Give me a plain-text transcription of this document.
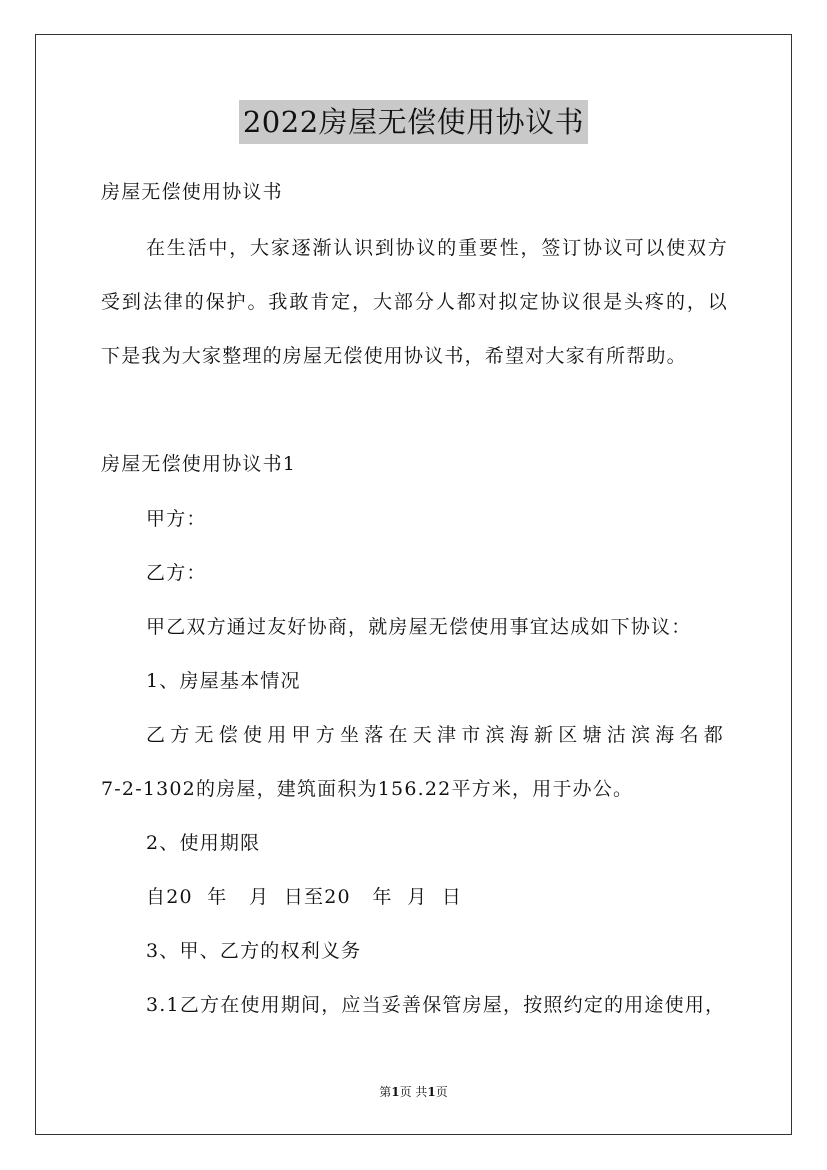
2022房屋无偿使用协议书
房屋无偿使用协议书
在生活中，大家逐渐认识到协议的重要性，签订协议可以使双方
受到法律的保护。我敢肯定，大部分人都对拟定协议很是头疼的，以
下是我为大家整理的房屋无偿使用协议书，希望对大家有所帮助。
房屋无偿使用协议书1
甲方：
乙方：
甲乙双方通过友好协商，就房屋无偿使用事宜达成如下协议：
1、房屋基本情况
乙方无偿使用甲方坐落在天津市滨海新区塘沽滨海名都
7-2-1302的房屋，建筑面积为156.22平方米，用于办公。
2、使用期限
自20  年   月  日至20   年  月  日
3、甲、乙方的权利义务
3.1乙方在使用期间，应当妥善保管房屋，按照约定的用途使用，
第1页 共1页
